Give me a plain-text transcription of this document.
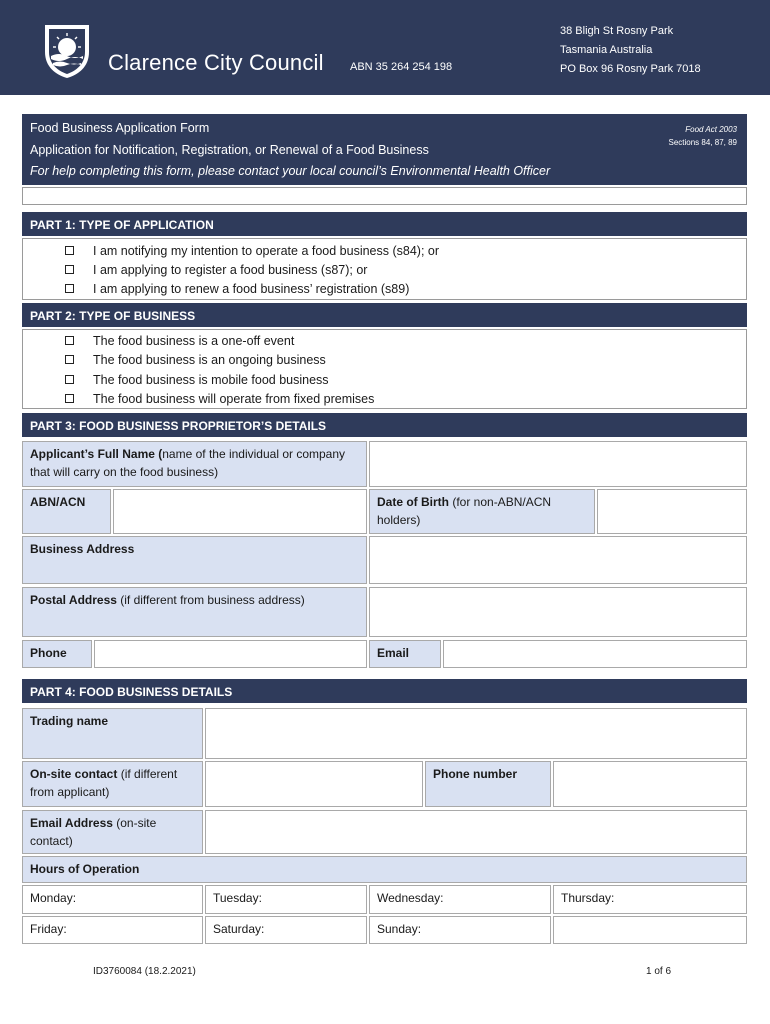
Clarence City Council ABN 35 264 254 198
38 Bligh St Rosny Park
Tasmania Australia
PO Box 96 Rosny Park 7018
Food Business Application Form
Application for Notification, Registration, or Renewal of a Food Business
For help completing this form, please contact your local council’s Environmental Health Officer
Food Act 2003
Sections 84, 87, 89
PART 1: TYPE OF APPLICATION
I am notifying my intention to operate a food business (s84); or
I am applying to register a food business (s87); or
I am applying to renew a food business’ registration (s89)
PART 2: TYPE OF BUSINESS
The food business is a one-off event
The food business is an ongoing business
The food business is mobile food business
The food business will operate from fixed premises
PART 3: FOOD BUSINESS PROPRIETOR’S DETAILS
Applicant’s Full Name (name of the individual or company that will carry on the food business)
ABN/ACN	Date of Birth (for non-ABN/ACN holders)
Business Address
Postal Address (if different from business address)
Phone	Email
PART 4: FOOD BUSINESS DETAILS
Trading name
On-site contact (if different from applicant)
Phone number
Email Address (on-site contact)
Hours of Operation
Monday:	Tuesday:	Wednesday:	Thursday:
Friday:	Saturday:	Sunday:
ID3760084 (18.2.2021)	1 of 6
